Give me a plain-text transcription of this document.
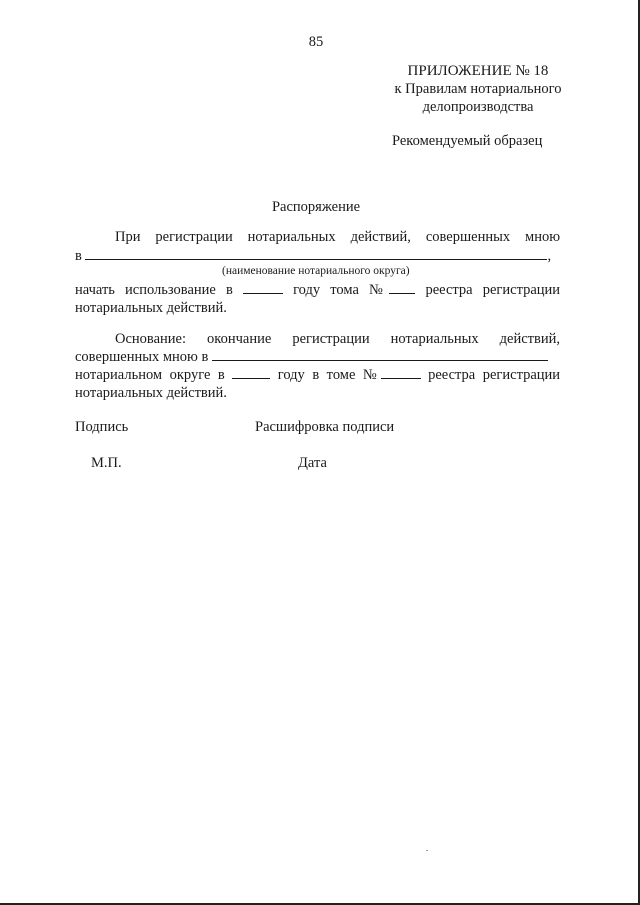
85
ПРИЛОЖЕНИЕ № 18
к Правилам нотариального
делопроизводства
Рекомендуемый образец
Распоряжение
При регистрации нотариальных действий, совершенных мною
в	,
(наименование нотариального округа)
начать использование в	году тома № реестра регистрации
нотариальных действий.
Основание: окончание регистрации нотариальных действий,
совершенных мною в
нотариальном округе в	году в томе №	реестра регистрации
нотариальных действий.
Подпись	Расшифровка подписи
М.П.	Дата
